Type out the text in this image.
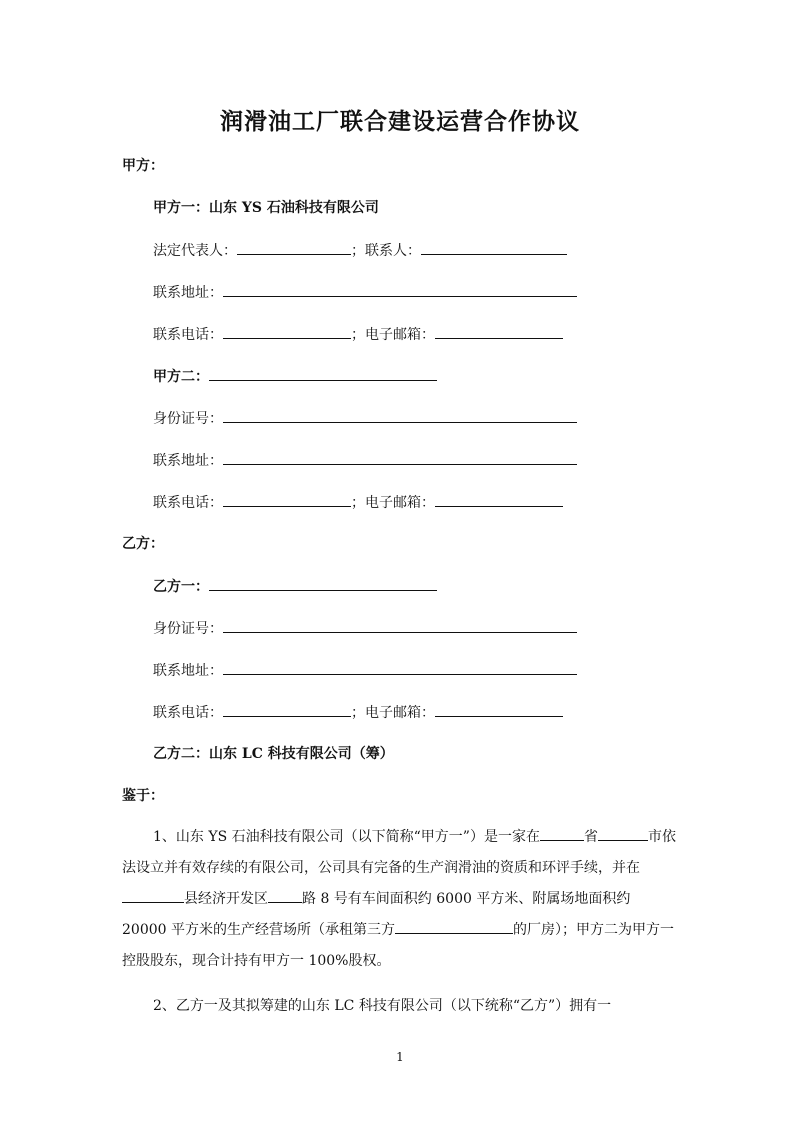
润滑油工厂联合建设运营合作协议
甲方：
甲方一：山东 YS 石油科技有限公司
法定代表人：	；联系人：
联系地址：
联系电话：	；电子邮箱：
甲方二：
身份证号：
联系地址：
联系电话：	；电子邮箱：
乙方：
乙方一：
身份证号：
联系地址：
联系电话：	；电子邮箱：
乙方二：山东 LC 科技有限公司（筹）
鉴于：
1、山东 YS 石油科技有限公司（以下简称“甲方一”）是一家在	省	市依法设立并有效存续的有限公司，公司具有完备的生产润滑油的资质和环评手续，并在县经济开发区 路 8 号有车间面积约 6000 平方米、附属场地面积约 20000 平方米的生产经营场所（承租第三方	的厂房）；甲方二为甲方一控股股东，现合计持有甲方一 100%股权。
2、乙方一及其拟筹建的山东 LC 科技有限公司（以下统称“乙方”）拥有一
1
